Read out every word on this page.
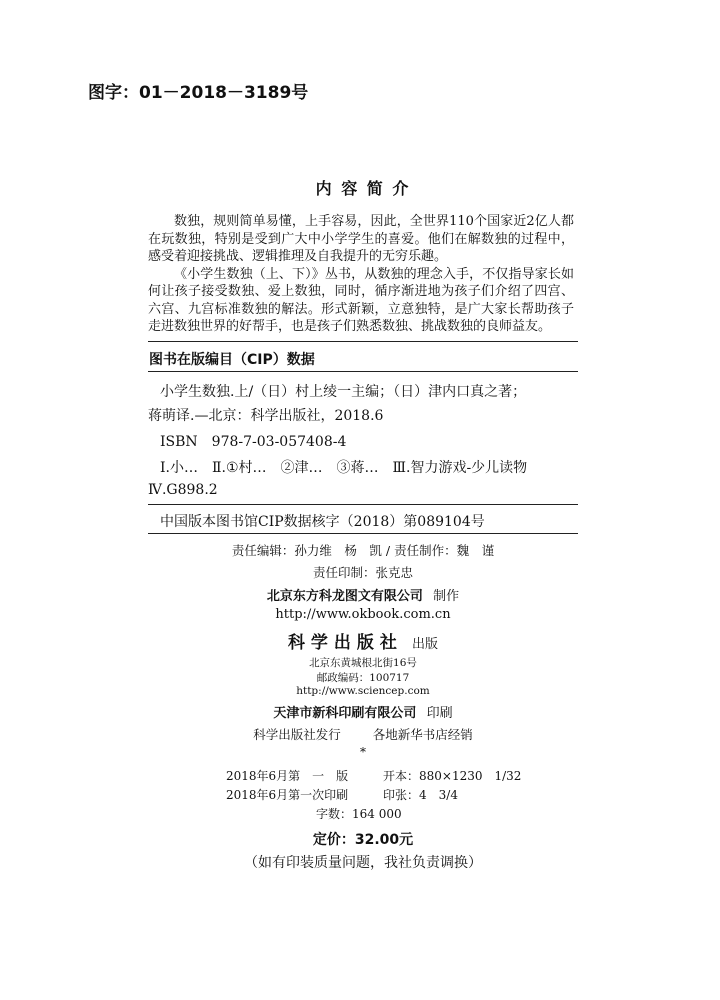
图字：01－2018－3189号
内 容 简 介

数独，规则简单易懂，上手容易，因此，全世界110个国家近2亿人都在玩数独，特别是受到广大中小学学生的喜爱。他们在解数独的过程中，感受着迎接挑战、逻辑推理及自我提升的无穷乐趣。

《小学生数独（上、下）》丛书，从数独的理念入手，不仅指导家长如何让孩子接受数独、爱上数独，同时，循序渐进地为孩子们介绍了四宫、六宫、九宫标准数独的解法。形式新颖，立意独特，是广大家长帮助孩子走进数独世界的好帮手，也是孩子们熟悉数独、挑战数独的良师益友。

图书在版编目（CIP）数据
小学生数独.上/（日）村上绫一主编；（日）津内口真之著；
蒋萌译.—北京：科学出版社，2018.6
ISBN　978-7-03-057408-4
Ⅰ.小…　Ⅱ.①村…　②津…　③蒋…　Ⅲ.智力游戏-少儿读物
Ⅳ.G898.2
中国版本图书馆CIP数据核字（2018）第089104号
责任编辑：孙力维　杨　凯 / 责任制作：魏　谨
责任印制：张克忠
北京东方科龙图文有限公司 制作
http://www.okbook.com.cn
科学出版社 出版
北京东黄城根北街16号
邮政编码：100717
http://www.sciencep.com
天津市新科印刷有限公司 印刷
科学出版社发行	各地新华书店经销
*
2018年6月第　一　版	开本：880×1230　1/32
2018年6月第一次印刷	印张：4　3/4
字数：164 000
定价：32.00元
（如有印装质量问题，我社负责调换）
